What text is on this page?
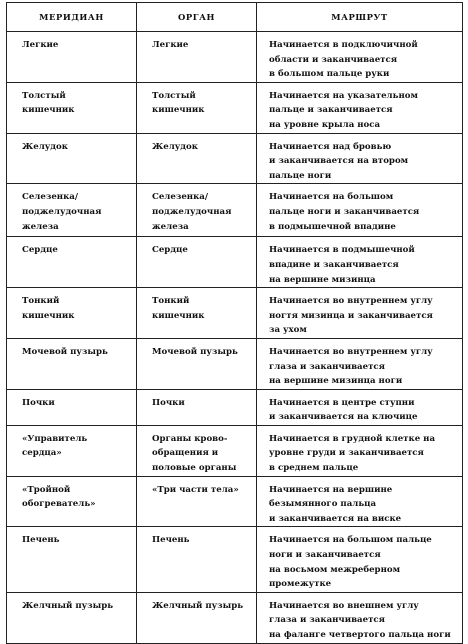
МЕРИДИАН	ОРГАН	МАРШРУТ

Легкие	Легкие	Начинается в подключичной
области и заканчивается
в большом пальце руки

Толстый
кишечник	Толстый
кишечник	Начинается на указательном
пальце и заканчивается
на уровне крыла носа

Желудок	Желудок	Начинается над бровью
и заканчивается на втором
пальце ноги

Селезенка/
поджелудочная
железа	Селезенка/
поджелудочная
железа	Начинается на большом
пальце ноги и заканчивается
в подмышечной впадине

Сердце	Сердце	Начинается в подмышечной
впадине и заканчивается
на вершине мизинца

Тонкий
кишечник	Тонкий
кишечник	Начинается во внутреннем углу
ногтя мизинца и заканчивается
за ухом

Мочевой пузырь	Мочевой пузырь	Начинается во внутреннем углу
глаза и заканчивается
на вершине мизинца ноги

Почки	Почки	Начинается в центре ступни
и заканчивается на ключице

«Управитель
сердца»	Органы крово-
обращения и
половые органы	Начинается в грудной клетке на
уровне груди и заканчивается
в среднем пальце

«Тройной
обогреватель»	«Три части тела»	Начинается на вершине
безымянного пальца
и заканчивается на виске

Печень	Печень	Начинается на большом пальце
ноги и заканчивается
на восьмом межреберном
промежутке

Желчный пузырь	Желчный пузырь	Начинается во внешнем углу
глаза и заканчивается
на фаланге четвертого пальца ноги
